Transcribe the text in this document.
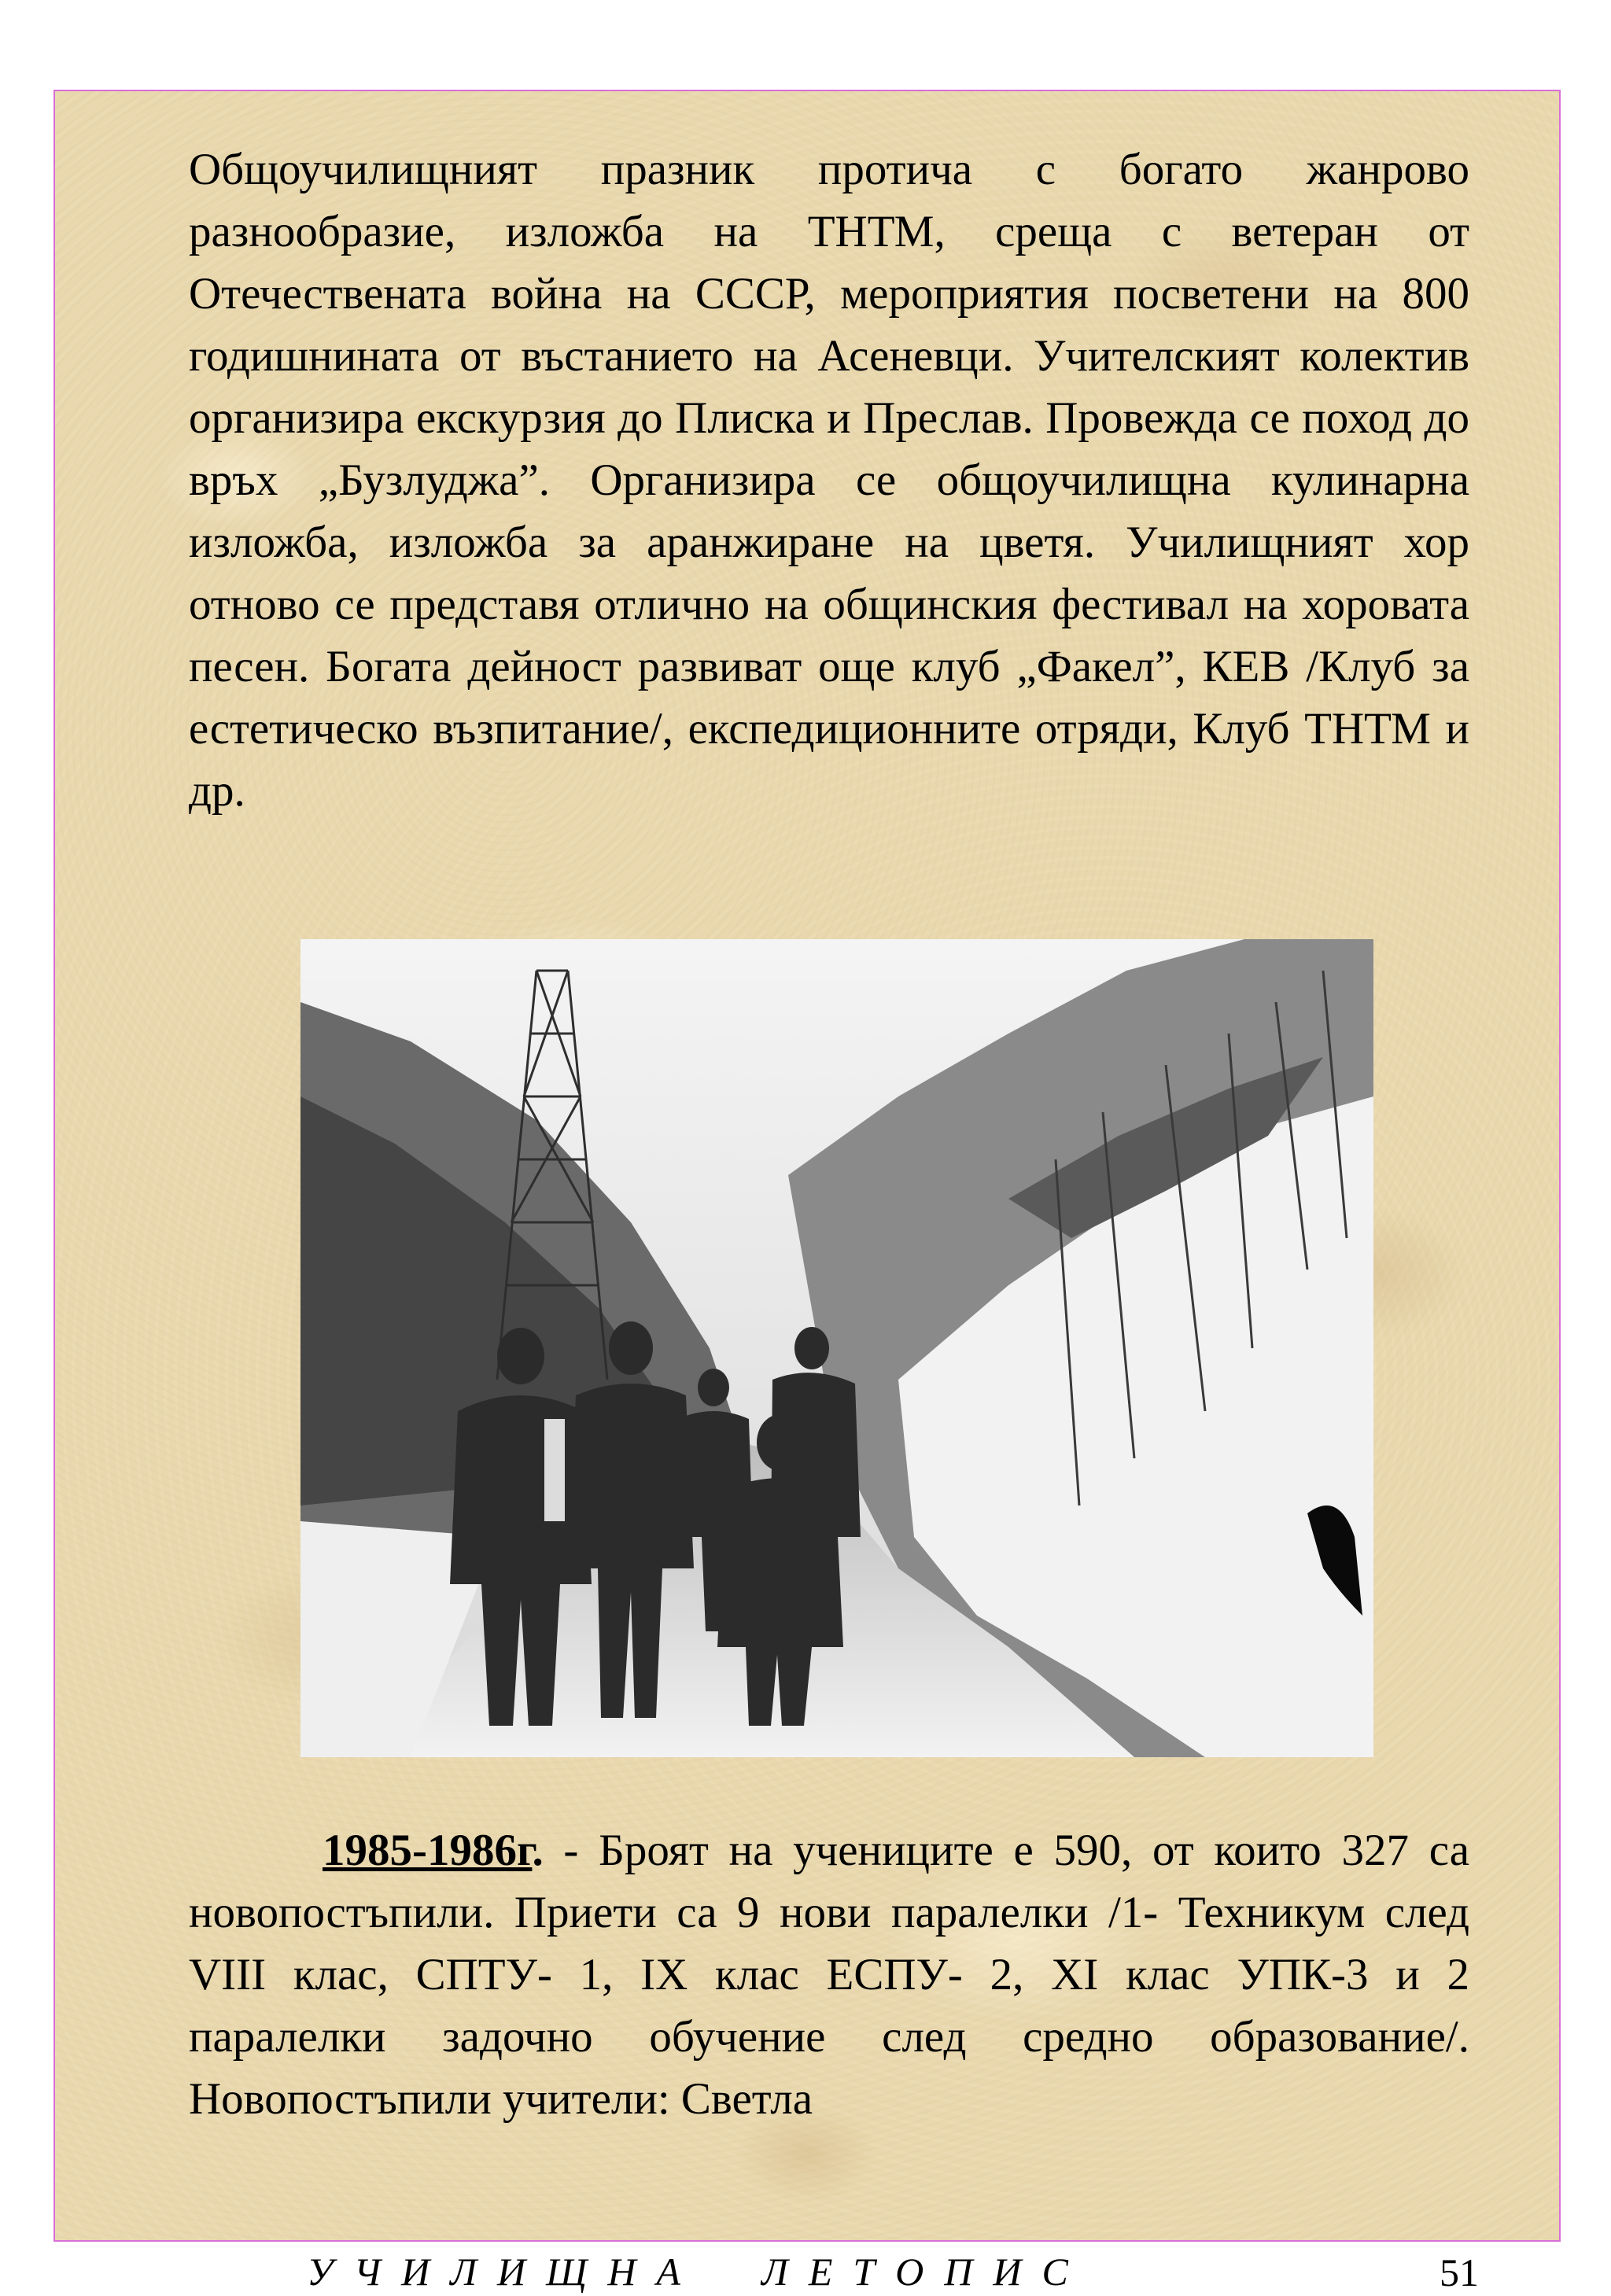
Общоучилищният празник протича с богато жанрово разнообразие, изложба на ТНТМ, среща с ветеран от Отечествената война на СССР, мероприятия посветени на 800 годишнината от въстанието на Асеневци. Учителският колектив организира екскурзия до Плиска и Преслав. Провежда се поход до връх „Бузлуджа”. Организира се общоучилищна кулинарна изложба, изложба за аранжиране на цветя. Училищният хор отново се представя отлично на общинския фестивал на хоровата песен. Богата дейност развиват още клуб „Факел”, КЕВ /Клуб за естетическо възпитание/, експедиционните отряди, Клуб ТНТМ и др.

1985-1986г. - Броят на учениците е 590, от които 327 са новопостъпили. Приети са 9 нови паралелки /1- Техникум след VIII клас, СПТУ- 1, IX клас ЕСПУ- 2, XI клас УПК-3 и 2 паралелки задочно обучение след средно образование/. Новопостъпили учители: Светла

УЧИЛИЩНА  ЛЕТОПИС	51
